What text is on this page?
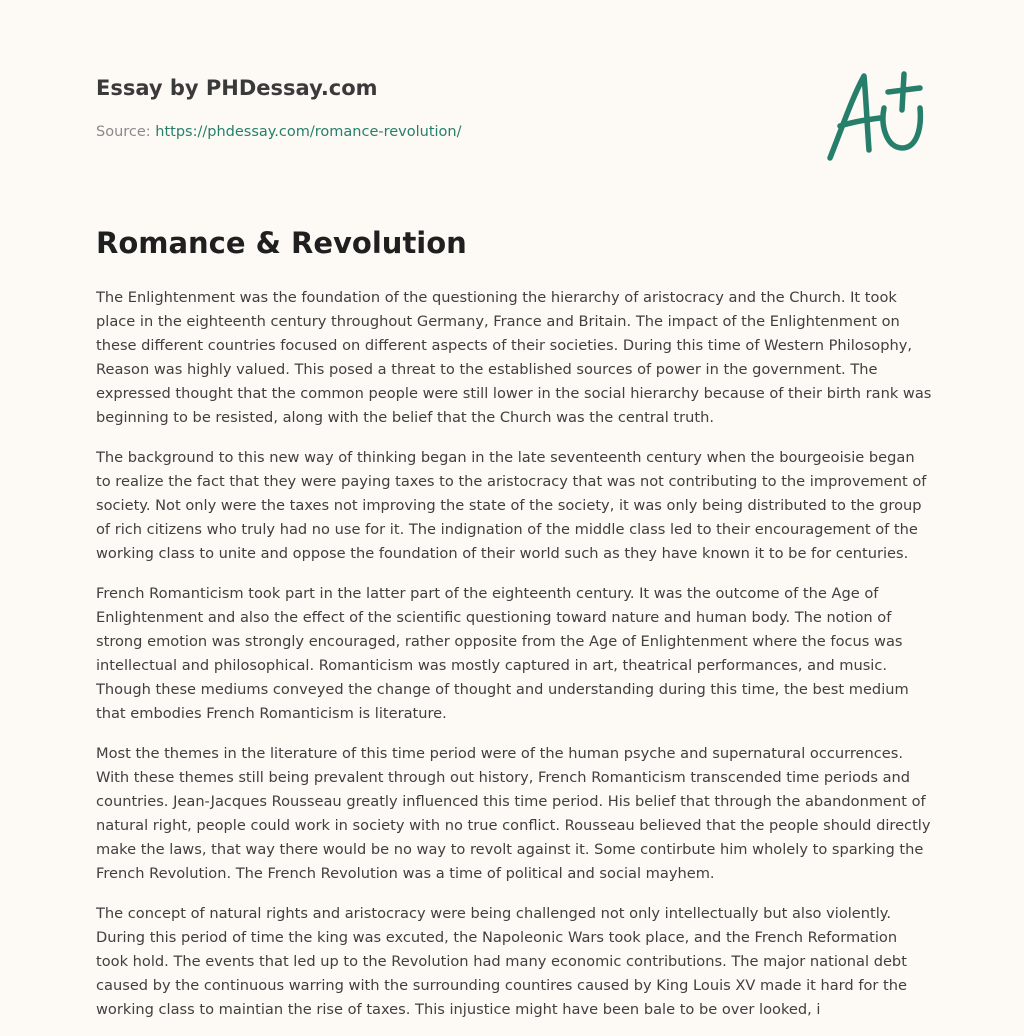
Essay by PHDessay.com
Source: https://phdessay.com/romance-revolution/
Romance & Revolution

The Enlightenment was the foundation of the questioning the hierarchy of aristocracy and the Church. It took place in the eighteenth century throughout Germany, France and Britain. The impact of the Enlightenment on these different countries focused on different aspects of their societies. During this time of Western Philosophy, Reason was highly valued. This posed a threat to the established sources of power in the government. The expressed thought that the common people were still lower in the social hierarchy because of their birth rank was beginning to be resisted, along with the belief that the Church was the central truth.

The background to this new way of thinking began in the late seventeenth century when the bourgeoisie began to realize the fact that they were paying taxes to the aristocracy that was not contributing to the improvement of society. Not only were the taxes not improving the state of the society, it was only being distributed to the group of rich citizens who truly had no use for it. The indignation of the middle class led to their encouragement of the working class to unite and oppose the foundation of their world such as they have known it to be for centuries.

French Romanticism took part in the latter part of the eighteenth century. It was the outcome of the Age of Enlightenment and also the effect of the scientific questioning toward nature and human body. The notion of strong emotion was strongly encouraged, rather opposite from the Age of Enlightenment where the focus was intellectual and philosophical. Romanticism was mostly captured in art, theatrical performances, and music. Though these mediums conveyed the change of thought and understanding during this time, the best medium that embodies French Romanticism is literature.

Most the themes in the literature of this time period were of the human psyche and supernatural occurrences. With these themes still being prevalent through out history, French Romanticism transcended time periods and countries. Jean-Jacques Rousseau greatly influenced this time period. His belief that through the abandonment of natural right, people could work in society with no true conflict. Rousseau believed that the people should directly make the laws, that way there would be no way to revolt against it. Some contirbute him wholely to sparking the French Revolution. The French Revolution was a time of political and social mayhem.

The concept of natural rights and aristocracy were being challenged not only intellectually but also violently. During this period of time the king was excuted, the Napoleonic Wars took place, and the French Reformation took hold. The events that led up to the Revolution had many economic contributions. The major national debt caused by the continuous warring with the surrounding countires caused by King Louis XV made it hard for the working class to maintian the rise of taxes. This injustice might have been bale to be over looked, i
